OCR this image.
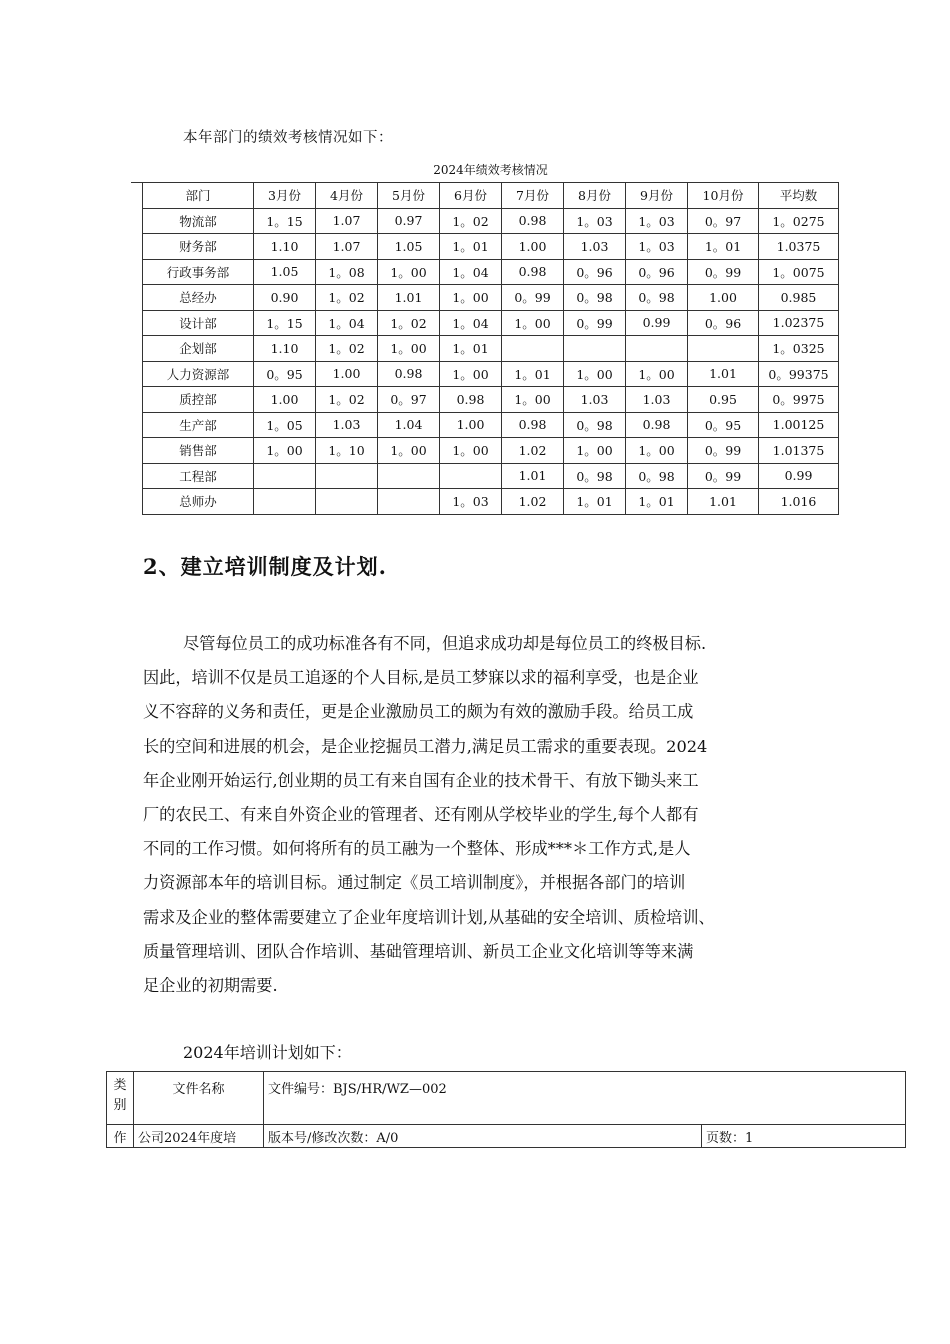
本年部门的绩效考核情况如下：
2024年绩效考核情况
部门	3月份	4月份	5月份	6月份	7月份	8月份	9月份	10月份	平均数
物流部	1。15	1.07	0.97	1。02	0.98	1。03	1。03	0。97	1。0275
财务部	1.10	1.07	1.05	1。01	1.00	1.03	1。03	1。01	1.0375
行政事务部	1.05	1。08	1。00	1。04	0.98	0。96	0。96	0。99	1。0075
总经办	0.90	1。02	1.01	1。00	0。99	0。98	0。98	1.00	0.985
设计部	1。15	1。04	1。02	1。04	1。00	0。99	0.99	0。96	1.02375
企划部	1.10	1。02	1。00	1。01					1。0325
人力资源部	0。95	1.00	0.98	1。00	1。01	1。00	1。00	1.01	0。99375
质控部	1.00	1。02	0。97	0.98	1。00	1.03	1.03	0.95	0。9975
生产部	1。05	1.03	1.04	1.00	0.98	0。98	0.98	0。95	1.00125
销售部	1。00	1。10	1。00	1。00	1.02	1。00	1。00	0。99	1.01375
工程部					1.01	0。98	0。98	0。99	0.99
总师办				1。03	1.02	1。01	1。01	1.01	1.016
2、建立培训制度及计划.
尽管每位员工的成功标准各有不同，但追求成功却是每位员工的终极目标.
因此，培训不仅是员工追逐的个人目标,是员工梦寐以求的福利享受，也是企业
义不容辞的义务和责任，更是企业激励员工的颇为有效的激励手段。给员工成
长的空间和进展的机会，是企业挖掘员工潜力,满足员工需求的重要表现。2024
年企业刚开始运行,创业期的员工有来自国有企业的技术骨干、有放下锄头来工
厂的农民工、有来自外资企业的管理者、还有刚从学校毕业的学生,每个人都有
不同的工作习惯。如何将所有的员工融为一个整体、形成***＊工作方式,是人
力资源部本年的培训目标。通过制定《员工培训制度》，并根据各部门的培训
需求及企业的整体需要建立了企业年度培训计划,从基础的安全培训、质检培训、
质量管理培训、团队合作培训、基础管理培训、新员工企业文化培训等等来满
足企业的初期需要.
2024年培训计划如下：
类别	文件名称	文件编号：BJS/HR/WZ—002	
作	公司2024年度培	版本号/修改次数：A/0	页数：1
